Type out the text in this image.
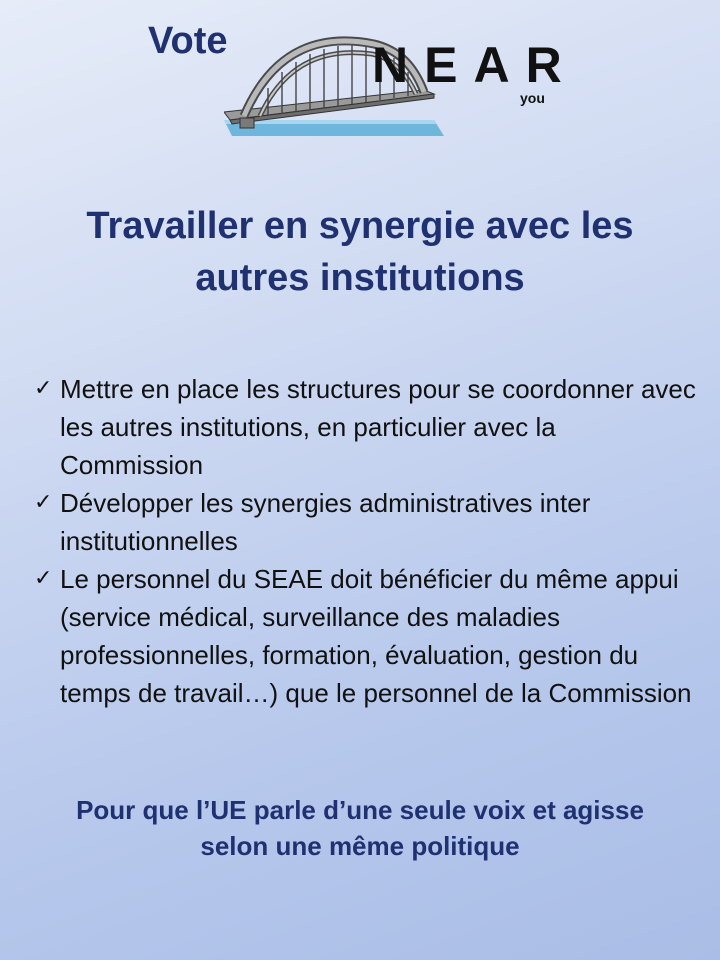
Vote	NEAR
you
Travailler en synergie avec les
autres institutions
✓ Mettre en place les structures pour se coordonner avec les autres institutions, en particulier avec la Commission
✓ Développer les synergies administratives inter institutionnelles
✓ Le personnel du SEAE doit bénéficier du même appui (service médical, surveillance des maladies professionnelles, formation, évaluation, gestion du temps de travail…) que le personnel de la Commission

Pour que l’UE parle d’une seule voix et agisse
selon une même politique
